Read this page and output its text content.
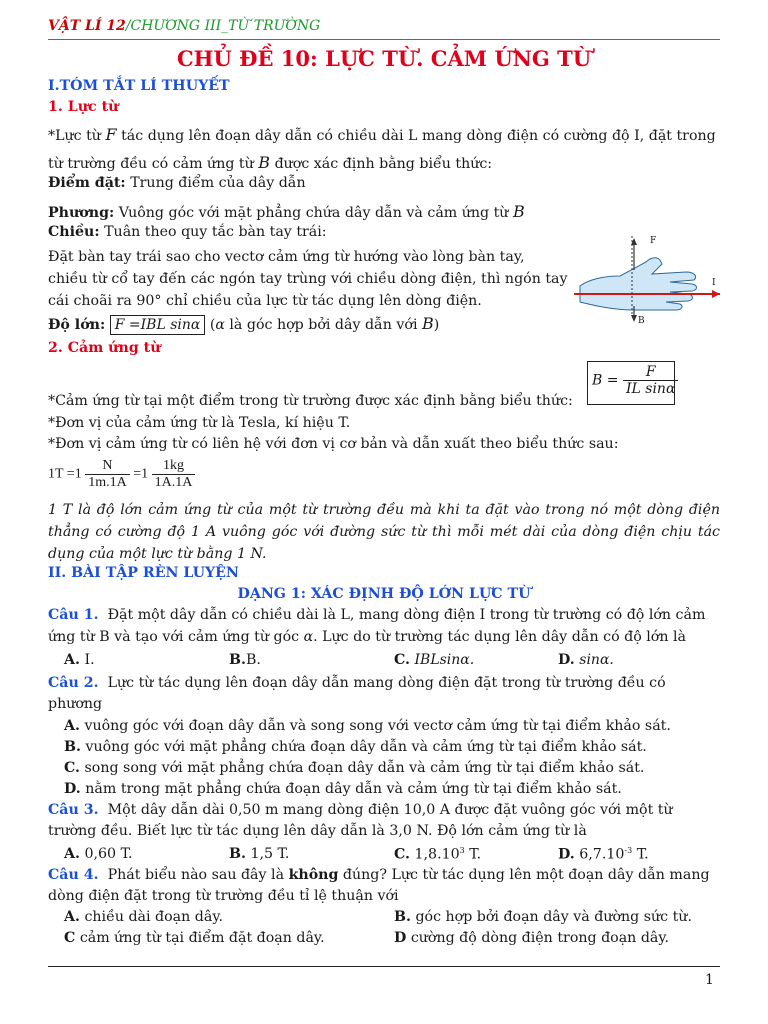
VẬT LÍ 12/CHƯƠNG III_TỪ TRƯỜNG
CHỦ ĐỀ 10: LỰC TỪ. CẢM ỨNG TỪ
I.TÓM TẮT LÍ THUYẾT
1. Lực từ
*Lực từ F tác dụng lên đoạn dây dẫn có chiều dài L mang dòng điện có cường độ I, đặt trong
từ trường đều có cảm ứng từ B được xác định bằng biểu thức:
Điểm đặt: Trung điểm của dây dẫn
Phương: Vuông góc với mặt phẳng chứa dây dẫn và cảm ứng từ B
Chiều: Tuân theo quy tắc bàn tay trái:
Đặt bàn tay trái sao cho vectơ cảm ứng từ hướng vào lòng bàn tay,
chiều từ cổ tay đến các ngón tay trùng với chiều dòng điện, thì ngón tay
cái choãi ra 90° chỉ chiều của lực từ tác dụng lên dòng điện.
F
B
I
Độ lớn: F =IBL sinα (α là góc hợp bởi dây dẫn với B)
2. Cảm ứng từ
$B = \frac{F}{\text{IL sinα}}$
*Cảm ứng từ tại một điểm trong từ trường được xác định bằng biểu thức:
*Đơn vị của cảm ứng từ là Tesla, kí hiệu T.
*Đơn vị cảm ứng từ có liên hệ với đơn vị cơ bản và dẫn xuất theo biểu thức sau:
$1T =1 \frac{N}{1m.1A} =1 \frac{1kg}{1A.1A}$
1 T là độ lớn cảm ứng từ của một từ trường đều mà khi ta đặt vào trong nó một dòng điện thẳng có cường độ 1 A vuông góc với đường sức từ thì mỗi mét dài của dòng điện chịu tác dụng của một lực từ bằng 1 N.
II. BÀI TẬP RÈN LUYỆN
DẠNG 1: XÁC ĐỊNH ĐỘ LỚN LỰC TỪ
Câu 1. Đặt một dây dẫn có chiều dài là L, mang dòng điện I trong từ trường có độ lớn cảm
ứng từ B và tạo với cảm ứng từ góc α. Lực do từ trường tác dụng lên dây dẫn có độ lớn là
A. I.	B.B.	C. IBLsinα.	D. sinα.
Câu 2. Lực từ tác dụng lên đoạn dây dẫn mang dòng điện đặt trong từ trường đều có
phương
A. vuông góc với đoạn dây dẫn và song song với vectơ cảm ứng từ tại điểm khảo sát.
B. vuông góc với mặt phẳng chứa đoạn dây dẫn và cảm ứng từ tại điểm khảo sát.
C. song song với mặt phẳng chứa đoạn dây dẫn và cảm ứng từ tại điểm khảo sát.
D. nằm trong mặt phẳng chứa đoạn dây dẫn và cảm ứng từ tại điểm khảo sát.
Câu 3. Một dây dẫn dài 0,50 m mang dòng điện 10,0 A được đặt vuông góc với một từ
trường đều. Biết lực từ tác dụng lên dây dẫn là 3,0 N. Độ lớn cảm ứng từ là
A. 0,60 T.	B. 1,5 T.	C. 1,8.10$^3$ T.	D. $6,7.10^{-3}$ T.
Câu 4. Phát biểu nào sau đây là không đúng? Lực từ tác dụng lên một đoạn dây dẫn mang
dòng điện đặt trong từ trường đều tỉ lệ thuận với
A. chiều dài đoạn dây.	B. góc hợp bởi đoạn dây và đường sức từ.
C cảm ứng từ tại điểm đặt đoạn dây.	D cường độ dòng điện trong đoạn dây.
1
